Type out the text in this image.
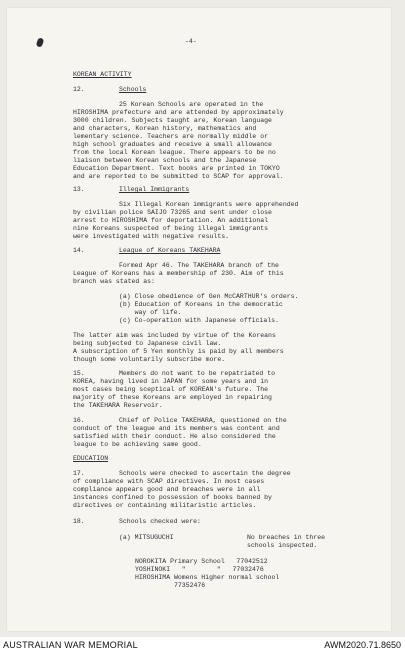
-4-
KOREAN ACTIVITY
12.	Schools
25 Korean Schools are operated in the
HIROSHIMA prefecture and are attended by approximately
3000 children. Subjects taught are, Korean language
and characters, Korean history, mathematics and
lementary science. Teachers are normally middle or
high school graduates and receive a small allowance
from the local Korean league. There appears to be no
liaison between Korean schools and the Japanese
Education Department. Text books are printed in TOKYO
and are reported to be submitted to SCAP for approval.
13.	Illegal Immigrants
Six Illegal Korean immigrants were apprehended
by civilian police SAIJO 73265 and sent under close
arrest to HIROSHIMA for deportation. An additional
nine Koreans suspected of being illegal immigrants
were investigated with negative results.
14.	League of Koreans TAKEHARA
Formed Apr 46. The TAKEHARA branch of the
League of Koreans has a membership of 230. Aim of this
branch was stated as:
(a) Close obedience of Gen McCARTHUR's orders.
(b) Education of Koreans in the democratic
way of life.
(c) Co-operation with Japanese officials.
The latter aim was included by virtue of the Koreans
being subjected to Japanese civil law.
A subscription of 5 Yen monthly is paid by all members
though some voluntarily subscribe more.
15.	Members do not want to be repatriated to
KOREA, having lived in JAPAN for some years and in
most cases being sceptical of KOREAN's future. The
majority of these Koreans are employed in repairing
the TAKEHARA Reservoir.
16.	Chief of Police TAKEHARA, questioned on the
conduct of the league and its members was content and
satisfied with their conduct. He also considered the
league to be achieving same good.
EDUCATION
17.	Schools were checked to ascertain the degree
of compliance with SCAP directives. In most cases
compliance appears good and breaches were in all
instances confined to possession of books banned by
directives or containing militaristic articles.
18.	Schools checked were:
(a) MITSUGUCHI	No breaches in three
schools inspected.
NOROKITA Primary School   77042512
YOSHINOKI   "        "   77032476
HIROSHIMA Womens Higher normal school
77352476
AUSTRALIAN WAR MEMORIAL	AWM2020.71.8650
